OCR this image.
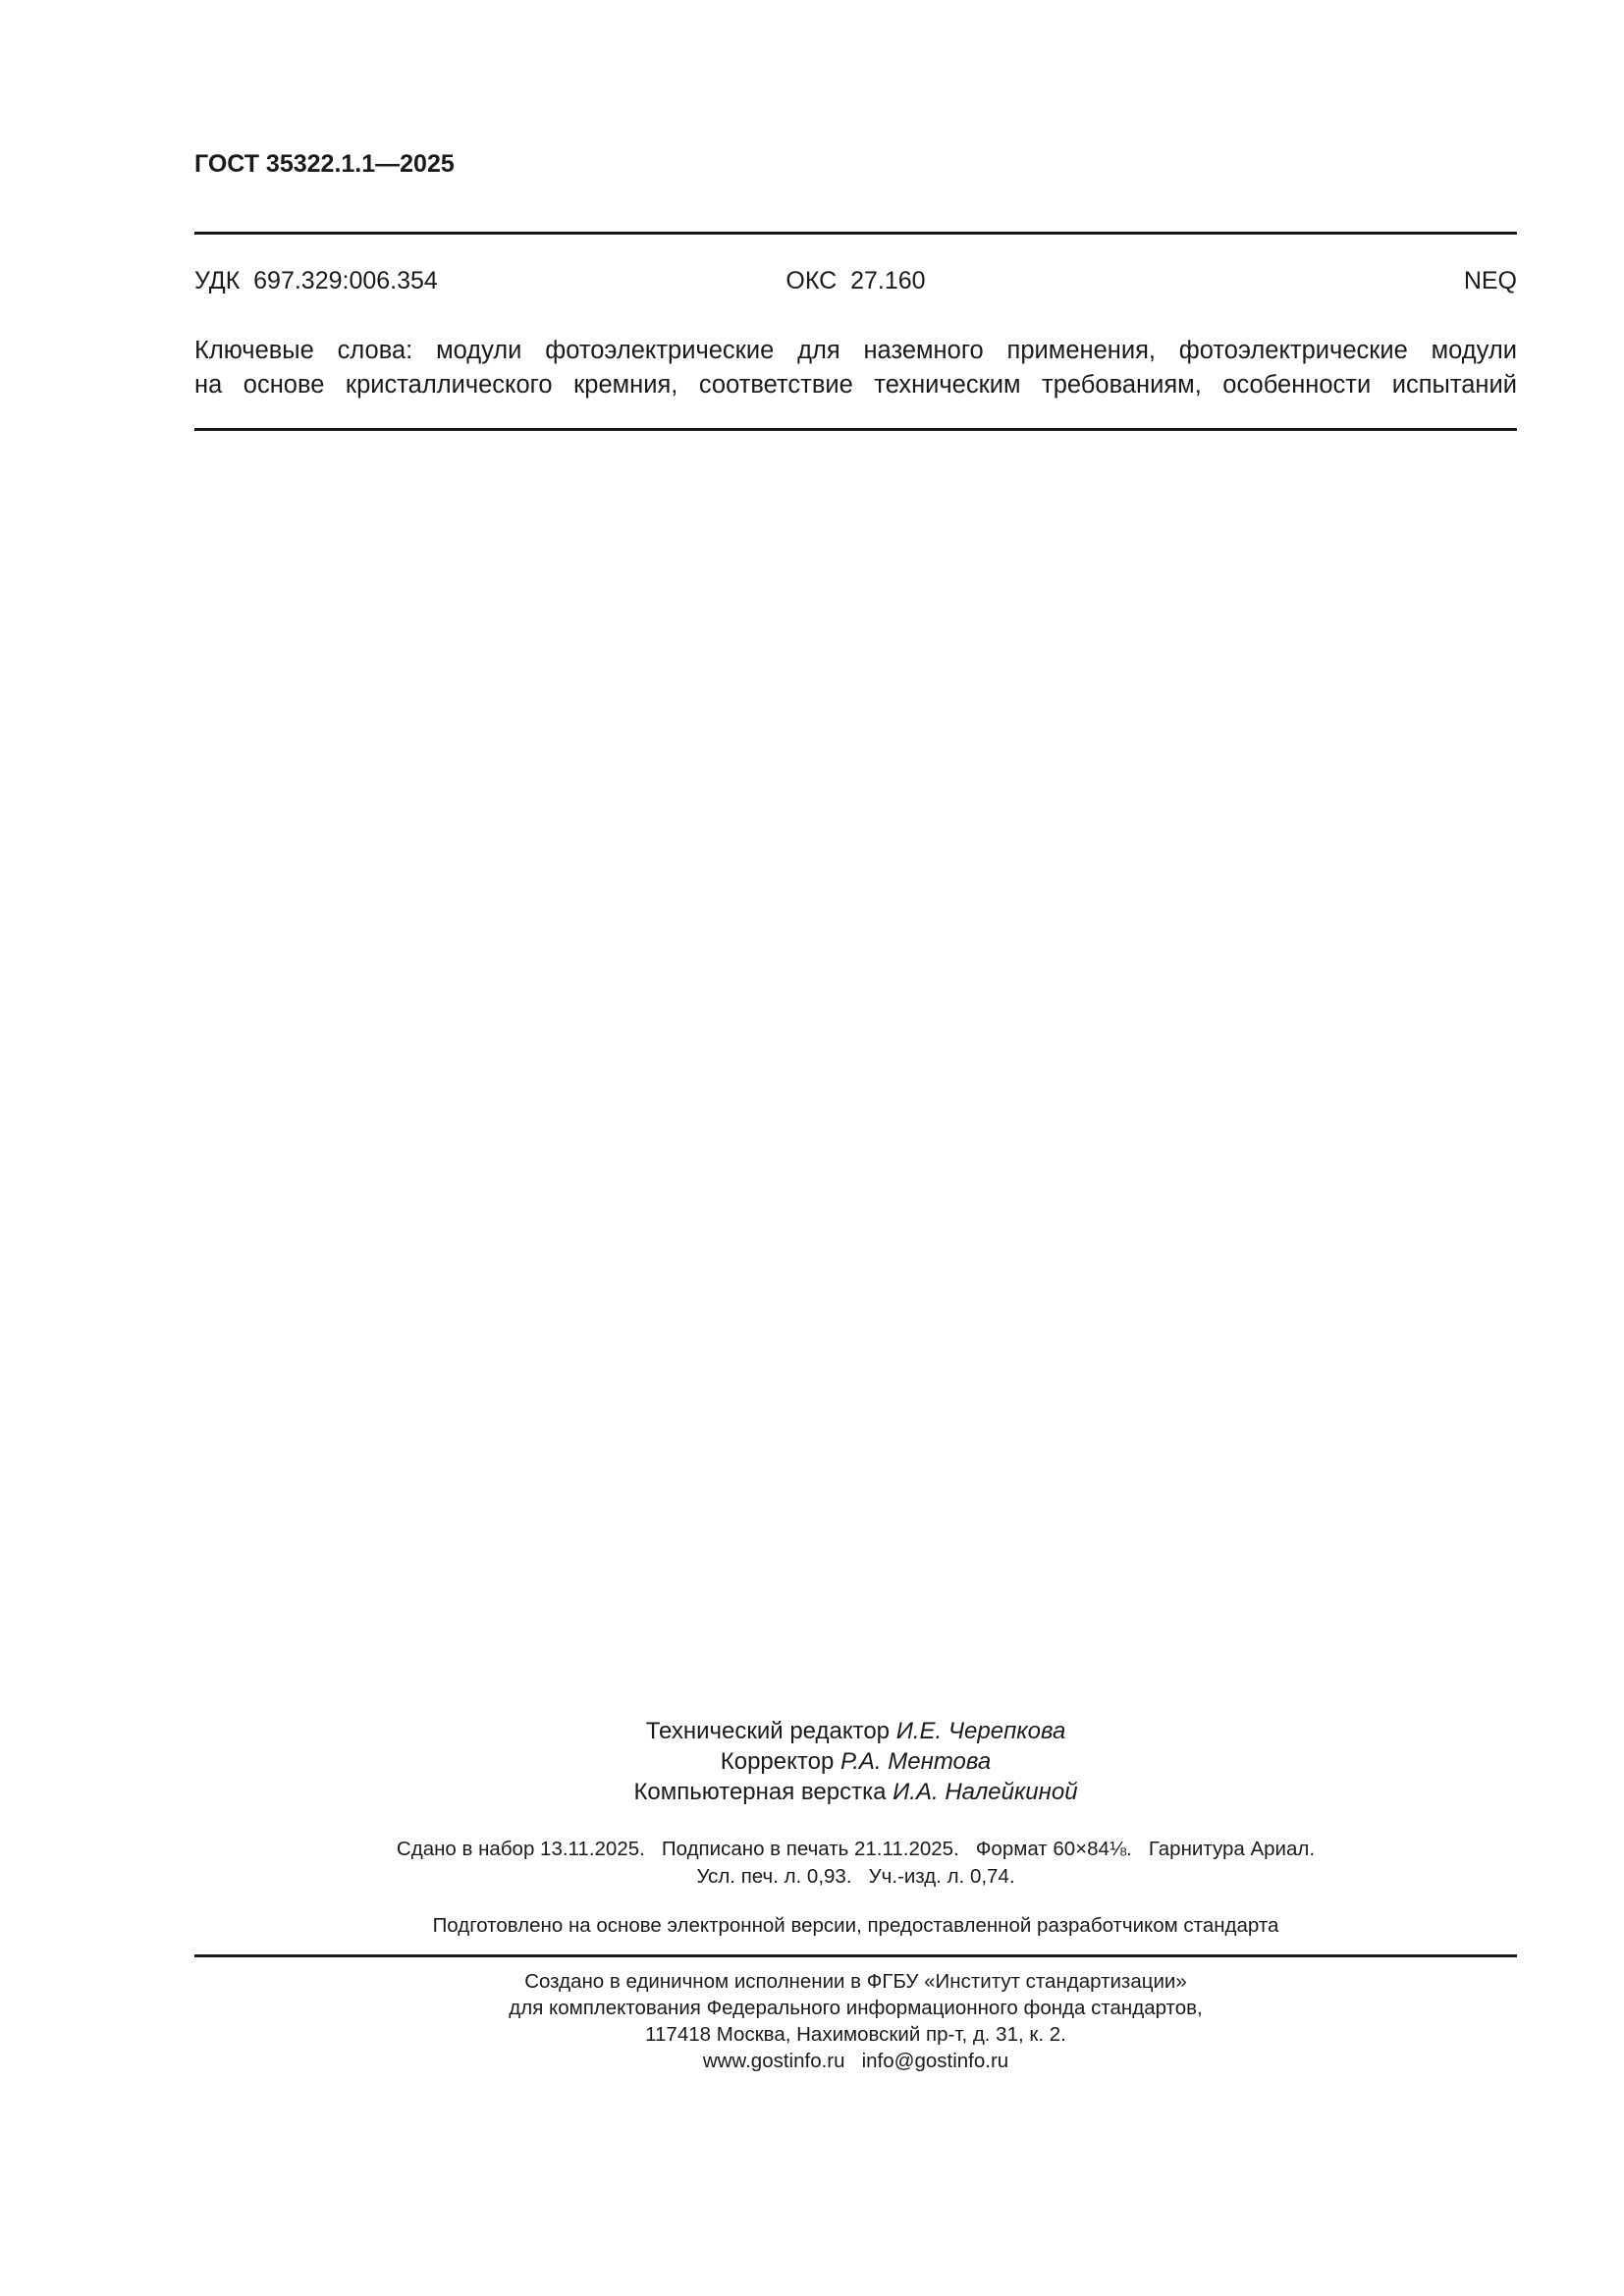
ГОСТ 35322.1.1—2025
УДК  697.329:006.354	ОКС  27.160	NEQ
Ключевые слова: модули фотоэлектрические для наземного применения, фотоэлектрические модули
на основе кристаллического кремния, соответствие техническим требованиям, особенности испытаний
Технический редактор И.Е. Черепкова
Корректор Р.А. Ментова
Компьютерная верстка И.А. Налейкиной
Сдано в набор 13.11.2025.   Подписано в печать 21.11.2025.   Формат 60×84⅛.   Гарнитура Ариал.
Усл. печ. л. 0,93.   Уч.-изд. л. 0,74.
Подготовлено на основе электронной версии, предоставленной разработчиком стандарта
Создано в единичном исполнении в ФГБУ «Институт стандартизации»
для комплектования Федерального информационного фонда стандартов,
117418 Москва, Нахимовский пр-т, д. 31, к. 2.
www.gostinfo.ru   info@gostinfo.ru
